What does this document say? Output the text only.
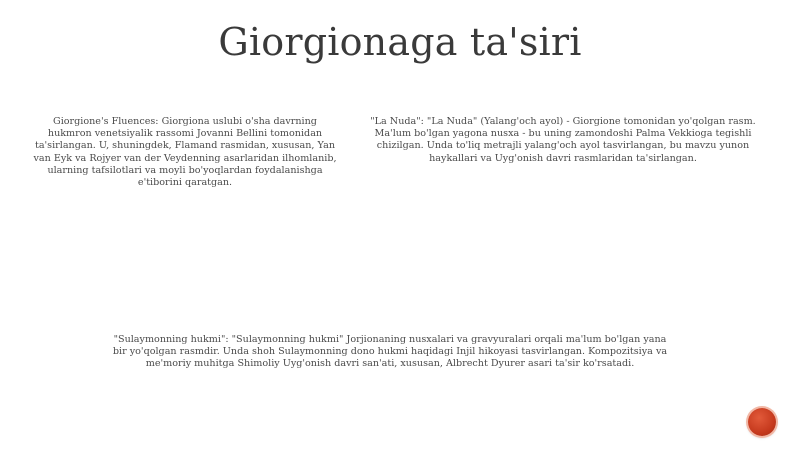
Giorgionaga ta'siri
Giorgione's Fluences: Giorgiona uslubi o'sha davrning hukmron venetsiyalik rassomi Jovanni Bellini tomonidan ta'sirlangan. U, shuningdek, Flamand rasmidan, xususan, Yan van Eyk va Rojyer van der Veydenning asarlaridan ilhomlanib, ularning tafsilotlari va moyli bo'yoqlardan foydalanishga e'tiborini qaratgan.
"La Nuda": "La Nuda" (Yalang'och ayol) - Giorgione tomonidan yo'qolgan rasm. Ma'lum bo'lgan yagona nusxa - bu uning zamondoshi Palma Vekkioga tegishli chizilgan. Unda to'liq metrajli yalang'och ayol tasvirlangan, bu mavzu yunon haykallari va Uyg'onish davri rasmlaridan ta'sirlangan.
"Sulaymonning hukmi": "Sulaymonning hukmi" Jorjionaning nusxalari va gravyuralari orqali ma'lum bo'lgan yana bir yo'qolgan rasmdir. Unda shoh Sulaymonning dono hukmi haqidagi Injil hikoyasi tasvirlangan. Kompozitsiya va me'moriy muhitga Shimoliy Uyg'onish davri san'ati, xususan, Albrecht Dyurer asari ta'sir ko'rsatadi.
